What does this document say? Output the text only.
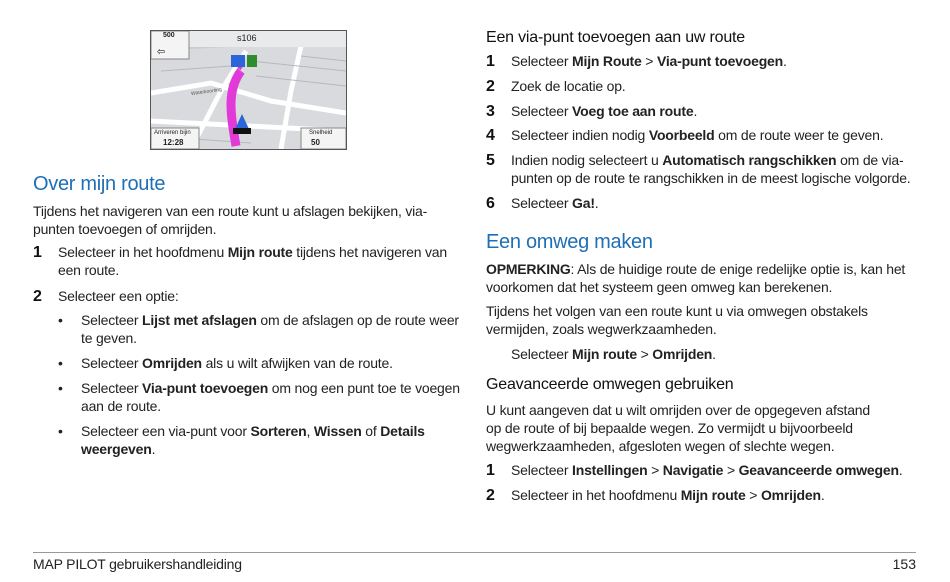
⇦
500	s106
Waterkoorting
Arriveren bijin
12:28
Snelheid
50
Over mijn route

Tijdens het navigeren van een route kunt u afslagen bekijken, via-
punten toevoegen of omrijden.

1 Selecteer in het hoofdmenu Mijn route tijdens het navigeren van
een route.
2 Selecteer een optie:
• Selecteer Lijst met afslagen om de afslagen op de route weer
te geven.
• Selecteer Omrijden als u wilt afwijken van de route.
• Selecteer Via-punt toevoegen om nog een punt toe te voegen
aan de route.
• Selecteer een via-punt voor Sorteren, Wissen of Details
weergeven.
Een via-punt toevoegen aan uw route
1 Selecteer Mijn Route > Via-punt toevoegen.
2 Zoek de locatie op.
3 Selecteer Voeg toe aan route.
4 Selecteer indien nodig Voorbeeld om de route weer te geven.
5 Indien nodig selecteert u Automatisch rangschikken om de via-
punten op de route te rangschikken in de meest logische volgorde.
6 Selecteer Ga!.
Een omweg maken

OPMERKING: Als de huidige route de enige redelijke optie is, kan het
voorkomen dat het systeem geen omweg kan berekenen.

Tijdens het volgen van een route kunt u via omwegen obstakels
vermijden, zoals wegwerkzaamheden.

Selecteer Mijn route > Omrijden.

Geavanceerde omwegen gebruiken

U kunt aangeven dat u wilt omrijden over de opgegeven afstand
op de route of bij bepaalde wegen. Zo vermijdt u bijvoorbeeld
wegwerkzaamheden, afgesloten wegen of slechte wegen.

1 Selecteer Instellingen > Navigatie > Geavanceerde omwegen.
2 Selecteer in het hoofdmenu Mijn route > Omrijden.
MAP PILOT gebruikershandleiding	153
